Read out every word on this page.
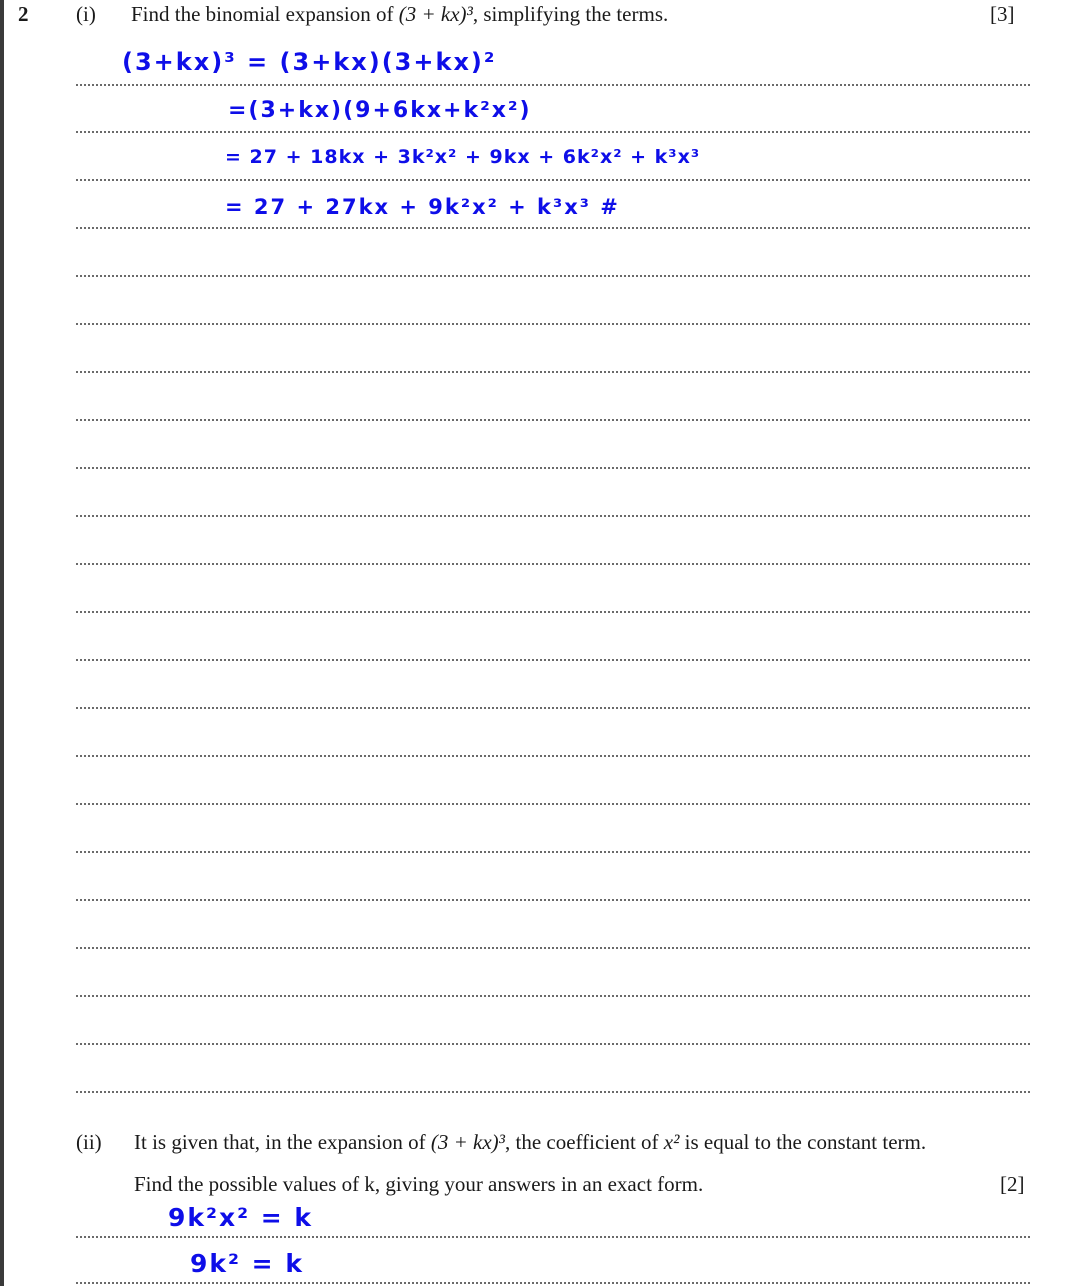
2 (i) Find the binomial expansion of (3 + kx)³, simplifying the terms.	[3]
(3+kx)³ = (3+kx)(3+kx)²
=(3+kx)(9+6kx+k²x²)
= 27 + 18kx + 3k²x² + 9kx + 6k²x² + k³x³
= 27 + 27kx + 9k²x² + k³x³ #
(ii) It is given that, in the expansion of (3 + kx)³, the coefficient of x² is equal to the constant term.
Find the possible values of k, giving your answers in an exact form.	[2]
9k²x² = k
9k² = k
